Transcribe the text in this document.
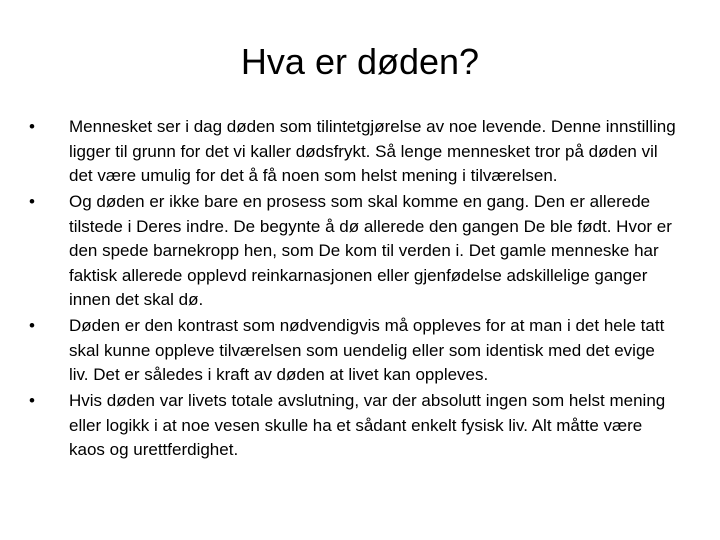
Hva er døden?
• Mennesket ser i dag døden som tilintetgjørelse av noe levende. Denne innstilling ligger til grunn for det vi kaller dødsfrykt. Så lenge mennesket tror på døden vil det være umulig for det å få noen som helst mening i tilværelsen.
• Og døden er ikke bare en prosess som skal komme en gang. Den er allerede tilstede i Deres indre. De begynte å dø allerede den gangen De ble født. Hvor er den spede barnekropp hen, som De kom til verden i. Det gamle menneske har faktisk allerede opplevd reinkarnasjonen eller gjenfødelse adskillelige ganger innen det skal dø.
• Døden er den kontrast som nødvendigvis må oppleves for at man i det hele tatt skal kunne oppleve tilværelsen som uendelig eller som identisk med det evige liv. Det er således i kraft av døden at livet kan oppleves.
• Hvis døden var livets totale avslutning, var der absolutt ingen som helst mening eller logikk i at noe vesen skulle ha et sådant enkelt fysisk liv. Alt måtte være kaos og urettferdighet.
